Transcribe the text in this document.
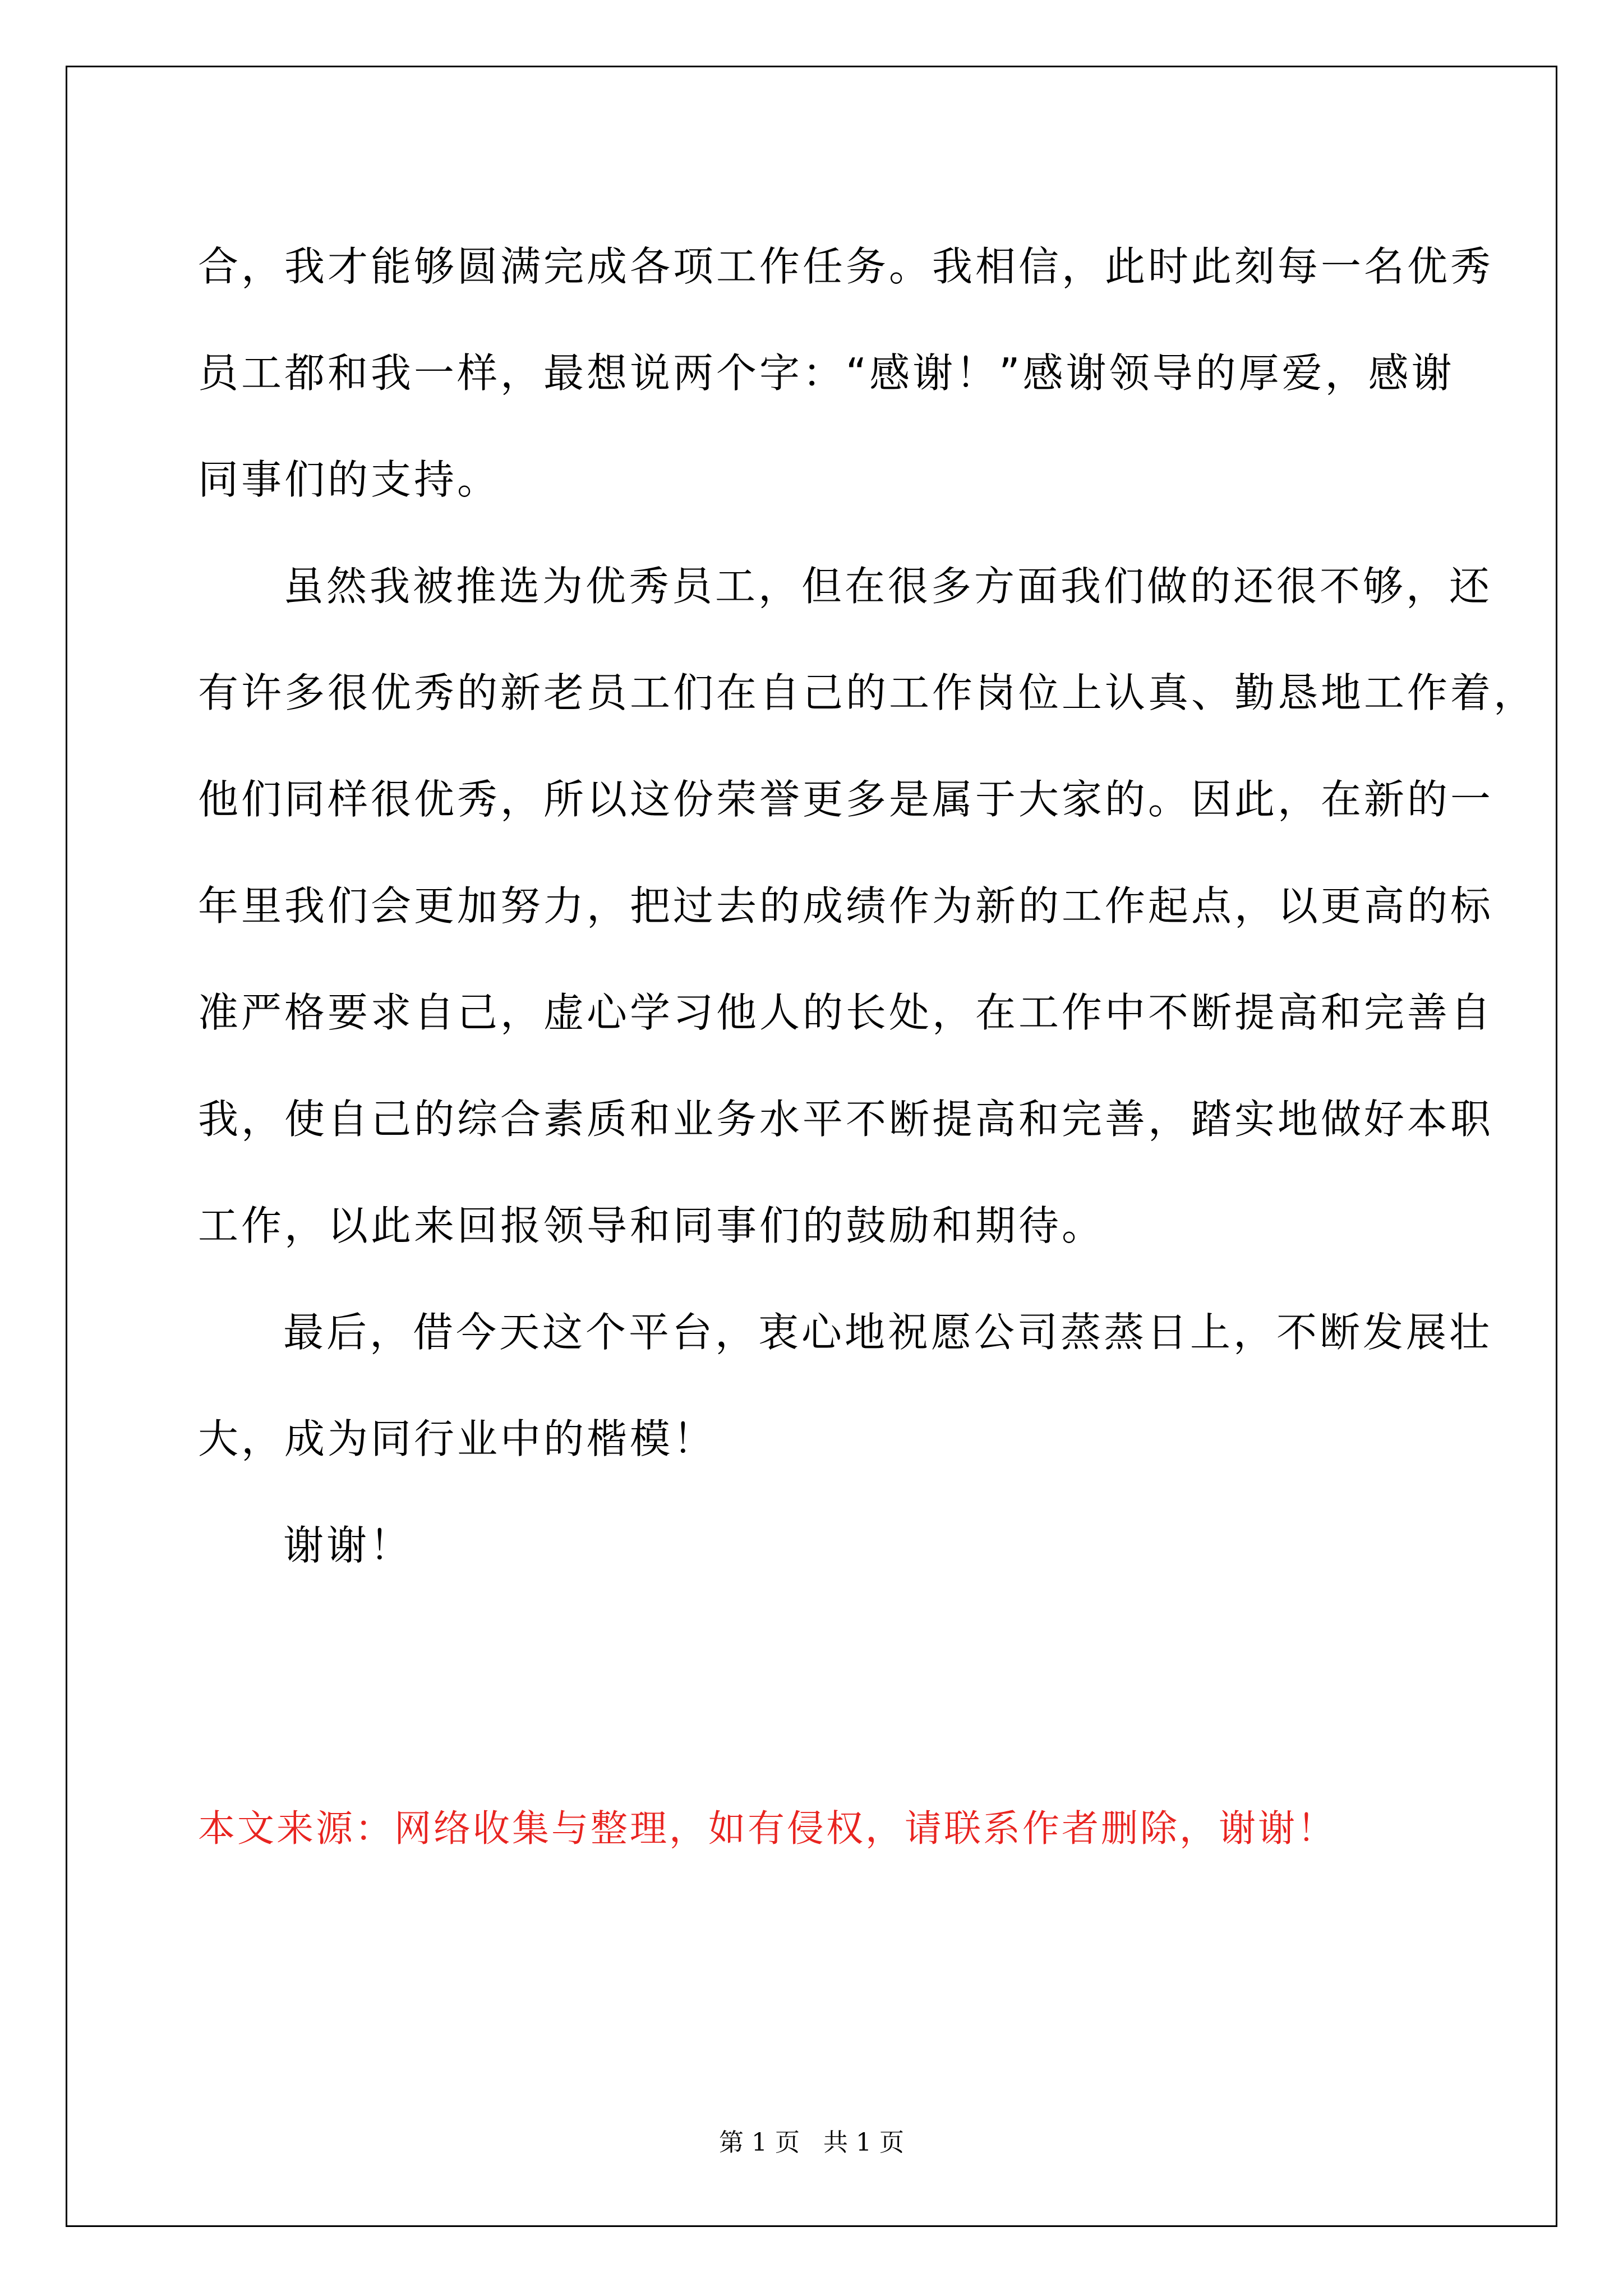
合，我才能够圆满完成各项工作任务。我相信，此时此刻每一名优秀
员工都和我一样，最想说两个字：“感谢！”感谢领导的厚爱，感谢
同事们的支持。
虽然我被推选为优秀员工，但在很多方面我们做的还很不够，还
有许多很优秀的新老员工们在自己的工作岗位上认真、勤恳地工作着，
他们同样很优秀，所以这份荣誉更多是属于大家的。因此，在新的一
年里我们会更加努力，把过去的成绩作为新的工作起点，以更高的标
准严格要求自己，虚心学习他人的长处，在工作中不断提高和完善自
我，使自己的综合素质和业务水平不断提高和完善，踏实地做好本职
工作，以此来回报领导和同事们的鼓励和期待。
最后，借今天这个平台，衷心地祝愿公司蒸蒸日上，不断发展壮
大，成为同行业中的楷模！
谢谢！
本文来源：网络收集与整理，如有侵权，请联系作者删除，谢谢！
第 1 页   共 1 页
